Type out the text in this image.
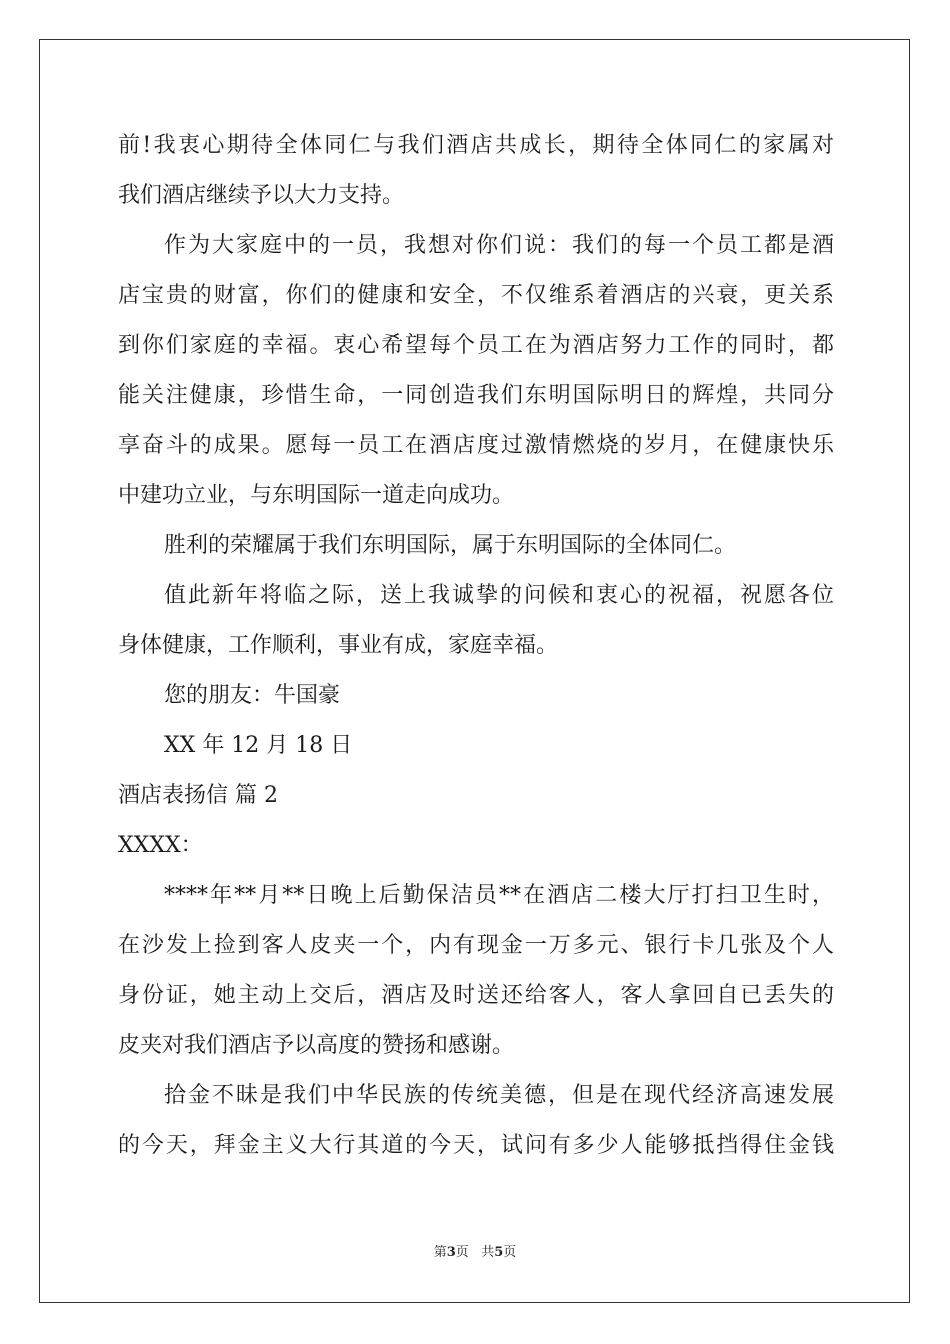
前!我衷心期待全体同仁与我们酒店共成长，期待全体同仁的家属对
我们酒店继续予以大力支持。
作为大家庭中的一员，我想对你们说：我们的每一个员工都是酒
店宝贵的财富，你们的健康和安全，不仅维系着酒店的兴衰，更关系
到你们家庭的幸福。衷心希望每个员工在为酒店努力工作的同时，都
能关注健康，珍惜生命，一同创造我们东明国际明日的辉煌，共同分
享奋斗的成果。愿每一员工在酒店度过激情燃烧的岁月，在健康快乐
中建功立业，与东明国际一道走向成功。
胜利的荣耀属于我们东明国际，属于东明国际的全体同仁。
值此新年将临之际，送上我诚挚的问候和衷心的祝福，祝愿各位
身体健康，工作顺利，事业有成，家庭幸福。
您的朋友：牛国豪
XX 年 12 月 18 日
酒店表扬信 篇 2
XXXX：
****年**月**日晚上后勤保洁员**在酒店二楼大厅打扫卫生时，
在沙发上捡到客人皮夹一个，内有现金一万多元、银行卡几张及个人
身份证，她主动上交后，酒店及时送还给客人，客人拿回自已丢失的
皮夹对我们酒店予以高度的赞扬和感谢。
拾金不昧是我们中华民族的传统美德，但是在现代经济高速发展
的今天，拜金主义大行其道的今天，试问有多少人能够抵挡得住金钱
第3页 共5页
